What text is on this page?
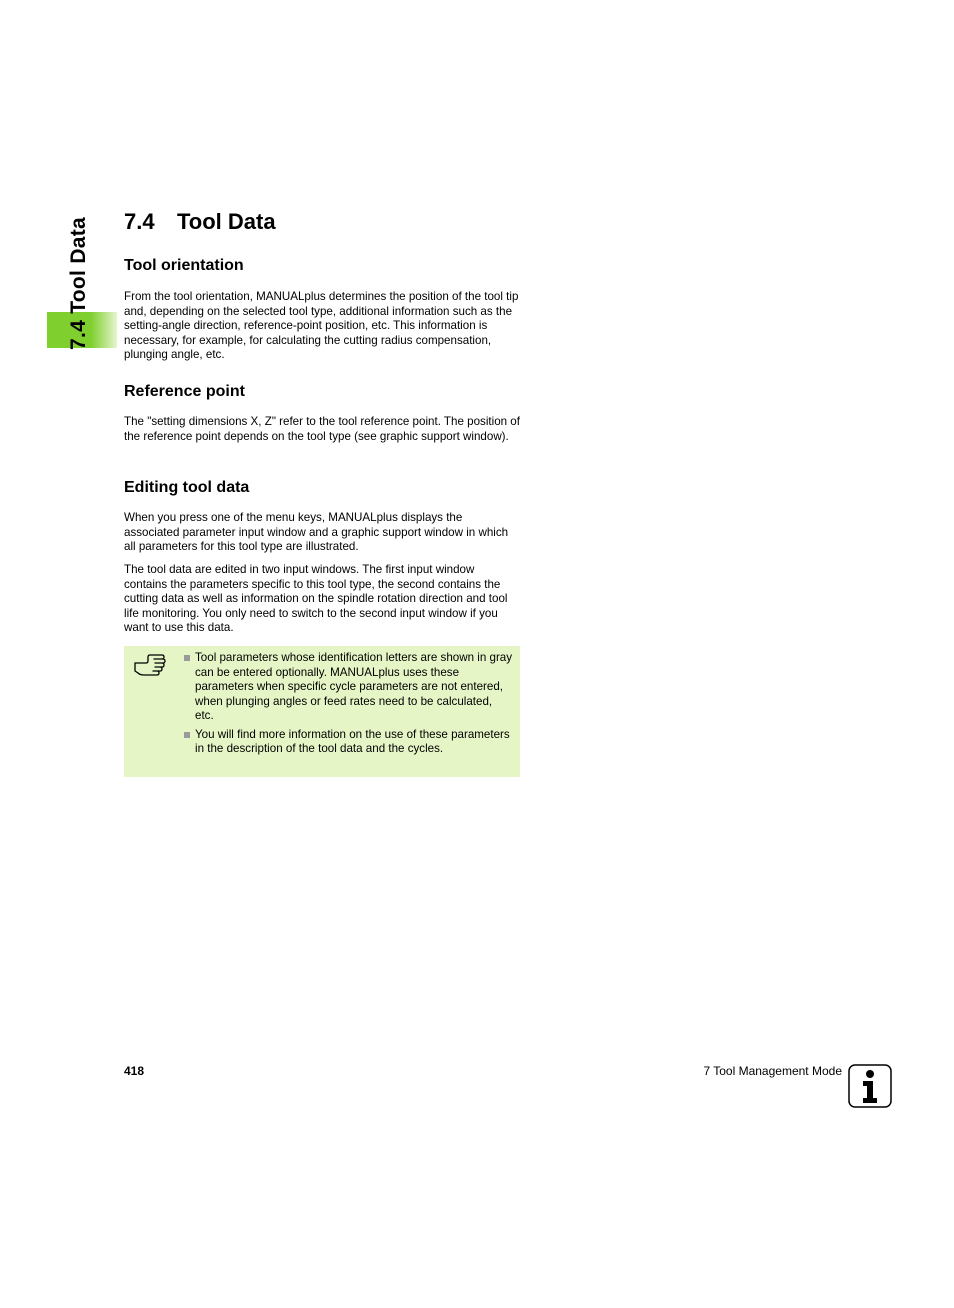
7.4 Tool Data 7.4 Tool Data
Tool orientation
From the tool orientation, MANUALplus determines the position of the tool tip and, depending on the selected tool type, additional information such as the setting-angle direction, reference-point position, etc. This information is necessary, for example, for calculating the cutting radius compensation, plunging angle, etc.
Reference point
The "setting dimensions X, Z" refer to the tool reference point. The position of the reference point depends on the tool type (see graphic support window).
Editing tool data
When you press one of the menu keys, MANUALplus displays the associated parameter input window and a graphic support window in which all parameters for this tool type are illustrated.
The tool data are edited in two input windows. The first input window contains the parameters specific to this tool type, the second contains the cutting data as well as information on the spindle rotation direction and tool life monitoring. You only need to switch to the second input window if you want to use this data.
Tool parameters whose identification letters are shown in gray can be entered optionally. MANUALplus uses these parameters when specific cycle parameters are not entered, when plunging angles or feed rates need to be calculated, etc.
You will find more information on the use of these parameters in the description of the tool data and the cycles.
418	7 Tool Management Mode
